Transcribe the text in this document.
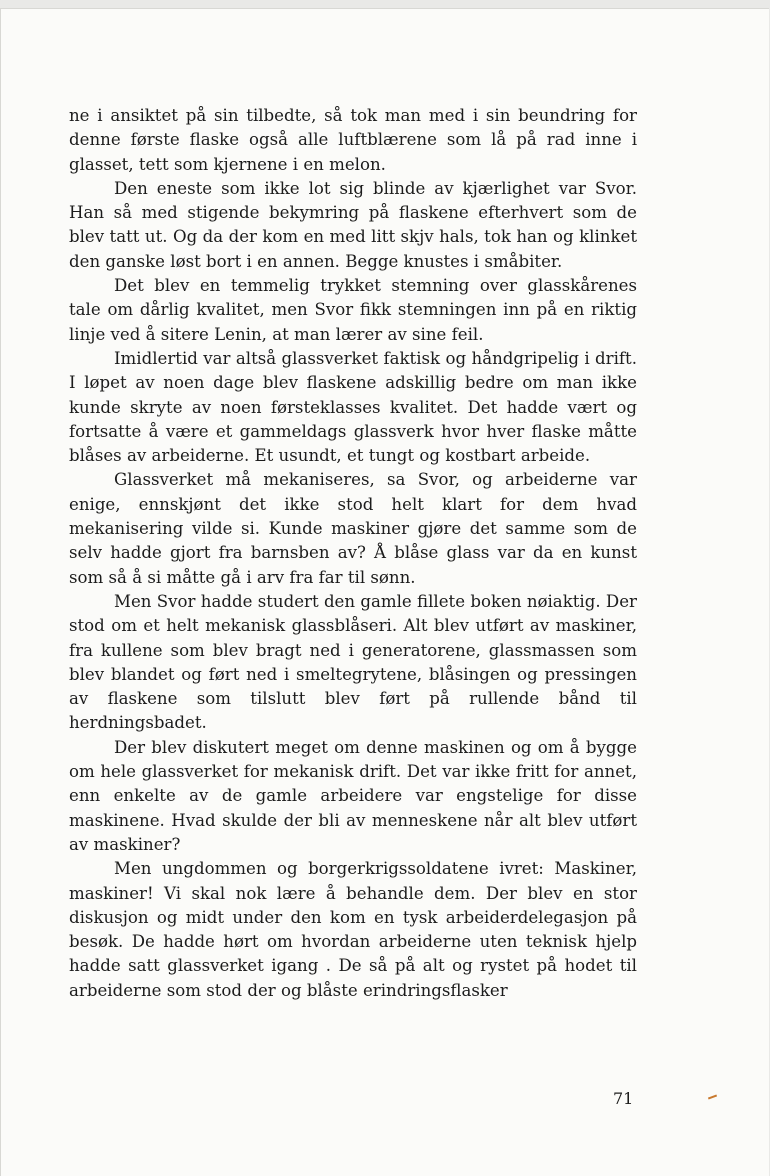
ne i ansiktet på sin tilbedte, så tok man med i sin beundring for denne første flaske også alle luftblærene som lå på rad inne i glasset, tett som kjernene i en melon.

Den eneste som ikke lot sig blinde av kjærlighet var Svor. Han så med stigende bekymring på flaskene efterhvert som de blev tatt ut. Og da der kom en med litt skjv hals, tok han og klinket den ganske løst bort i en annen. Begge knustes i småbiter.

Det blev en temmelig trykket stemning over glasskårenes tale om dårlig kvalitet, men Svor fikk stemningen inn på en riktig linje ved å sitere Lenin, at man lærer av sine feil.

Imidlertid var altså glassverket faktisk og håndgripelig i drift. I løpet av noen dage blev flaskene adskillig bedre om man ikke kunde skryte av noen førsteklasses kvalitet. Det hadde vært og fortsatte å være et gammeldags glassverk hvor hver flaske måtte blåses av arbeiderne. Et usundt, et tungt og kostbart arbeide.

Glassverket må mekaniseres, sa Svor, og arbeiderne var enige, ennskjønt det ikke stod helt klart for dem hvad mekanisering vilde si. Kunde maskiner gjøre det samme som de selv hadde gjort fra barnsben av? Å blåse glass var da en kunst som så å si måtte gå i arv fra far til sønn.

Men Svor hadde studert den gamle fillete boken nøiaktig. Der stod om et helt mekanisk glassblåseri. Alt blev utført av maskiner, fra kullene som blev bragt ned i generatorene, glassmassen som blev blandet og ført ned i smeltegrytene, blåsingen og pressingen av flaskene som tilslutt blev ført på rullende bånd til herdningsbadet.

Der blev diskutert meget om denne maskinen og om å bygge om hele glassverket for mekanisk drift. Det var ikke fritt for annet, enn enkelte av de gamle arbeidere var engstelige for disse maskinene. Hvad skulde der bli av menneskene når alt blev utført av maskiner?

Men ungdommen og borgerkrigssoldatene ivret: Maskiner, maskiner! Vi skal nok lære å behandle dem. Der blev en stor diskusjon og midt under den kom en tysk arbeiderdelegasjon på besøk. De hadde hørt om hvordan arbeiderne uten teknisk hjelp hadde satt glassverket igang . De så på alt og rystet på hodet til arbeiderne som stod der og blåste erindringsflasker

71
